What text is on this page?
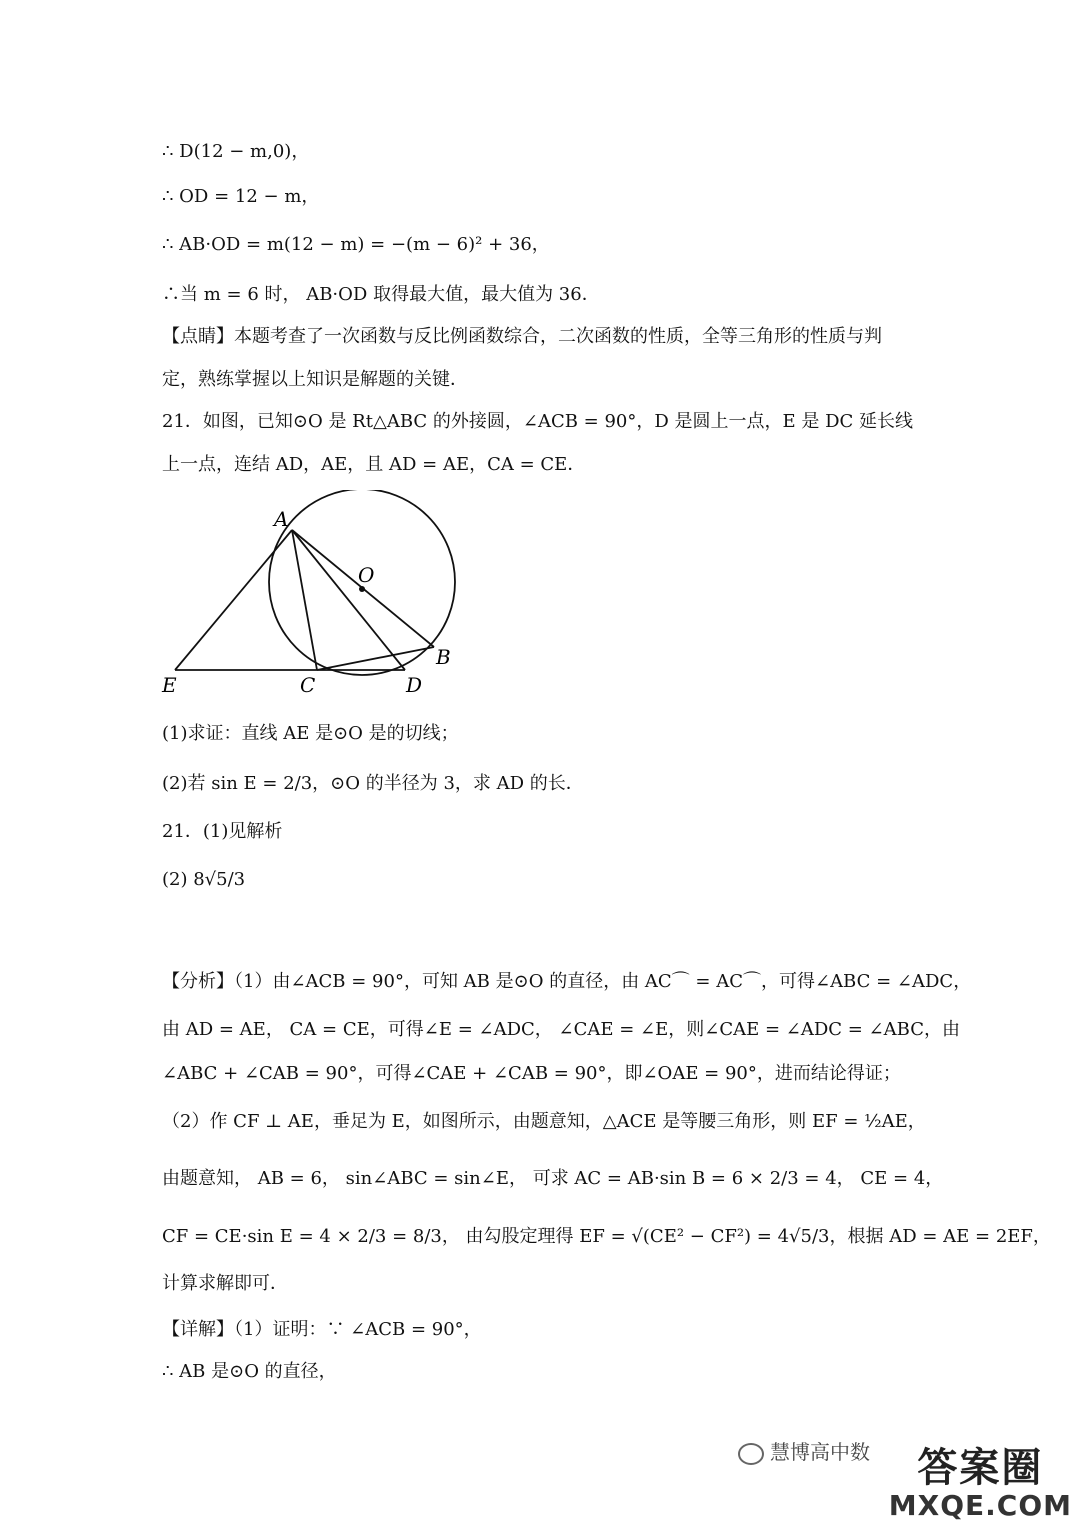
∴ D(12 − m,0)，
∴ OD = 12 − m，
∴ AB·OD = m(12 − m) = −(m − 6)² + 36，
∴当 m = 6 时， AB·OD 取得最大值，最大值为 36．
【点睛】本题考查了一次函数与反比例函数综合，二次函数的性质，全等三角形的性质与判
定，熟练掌握以上知识是解题的关键．
21．如图，已知⊙O 是 Rt△ABC 的外接圆，∠ACB = 90°，D 是圆上一点，E 是 DC 延长线
上一点，连结 AD，AE，且 AD = AE，CA = CE．
(1)求证：直线 AE 是⊙O 是的切线；
(2)若 sin E = 2/3，⊙O 的半径为 3，求 AD 的长．
21．(1)见解析
(2) 8√5/3
【分析】（1）由∠ACB = 90°，可知 AB 是⊙O 的直径，由 AC⌒ = AC⌒，可得∠ABC = ∠ADC，
由 AD = AE， CA = CE，可得∠E = ∠ADC， ∠CAE = ∠E，则∠CAE = ∠ADC = ∠ABC，由
∠ABC + ∠CAB = 90°，可得∠CAE + ∠CAB = 90°，即∠OAE = 90°，进而结论得证；
（2）作 CF ⊥ AE，垂足为 E，如图所示，由题意知，△ACE 是等腰三角形，则 EF = ½AE，
由题意知， AB = 6， sin∠ABC = sin∠E， 可求 AC = AB·sin B = 6 × 2/3 = 4， CE = 4，
CF = CE·sin E = 4 × 2/3 = 8/3， 由勾股定理得 EF = √(CE² − CF²) = 4√5/3，根据 AD = AE = 2EF，
计算求解即可．
【详解】（1）证明：∵ ∠ACB = 90°，
∴ AB 是⊙O 的直径，
A
O
B
E	C	D
慧博高中数	答案圈
MXQE.COM
